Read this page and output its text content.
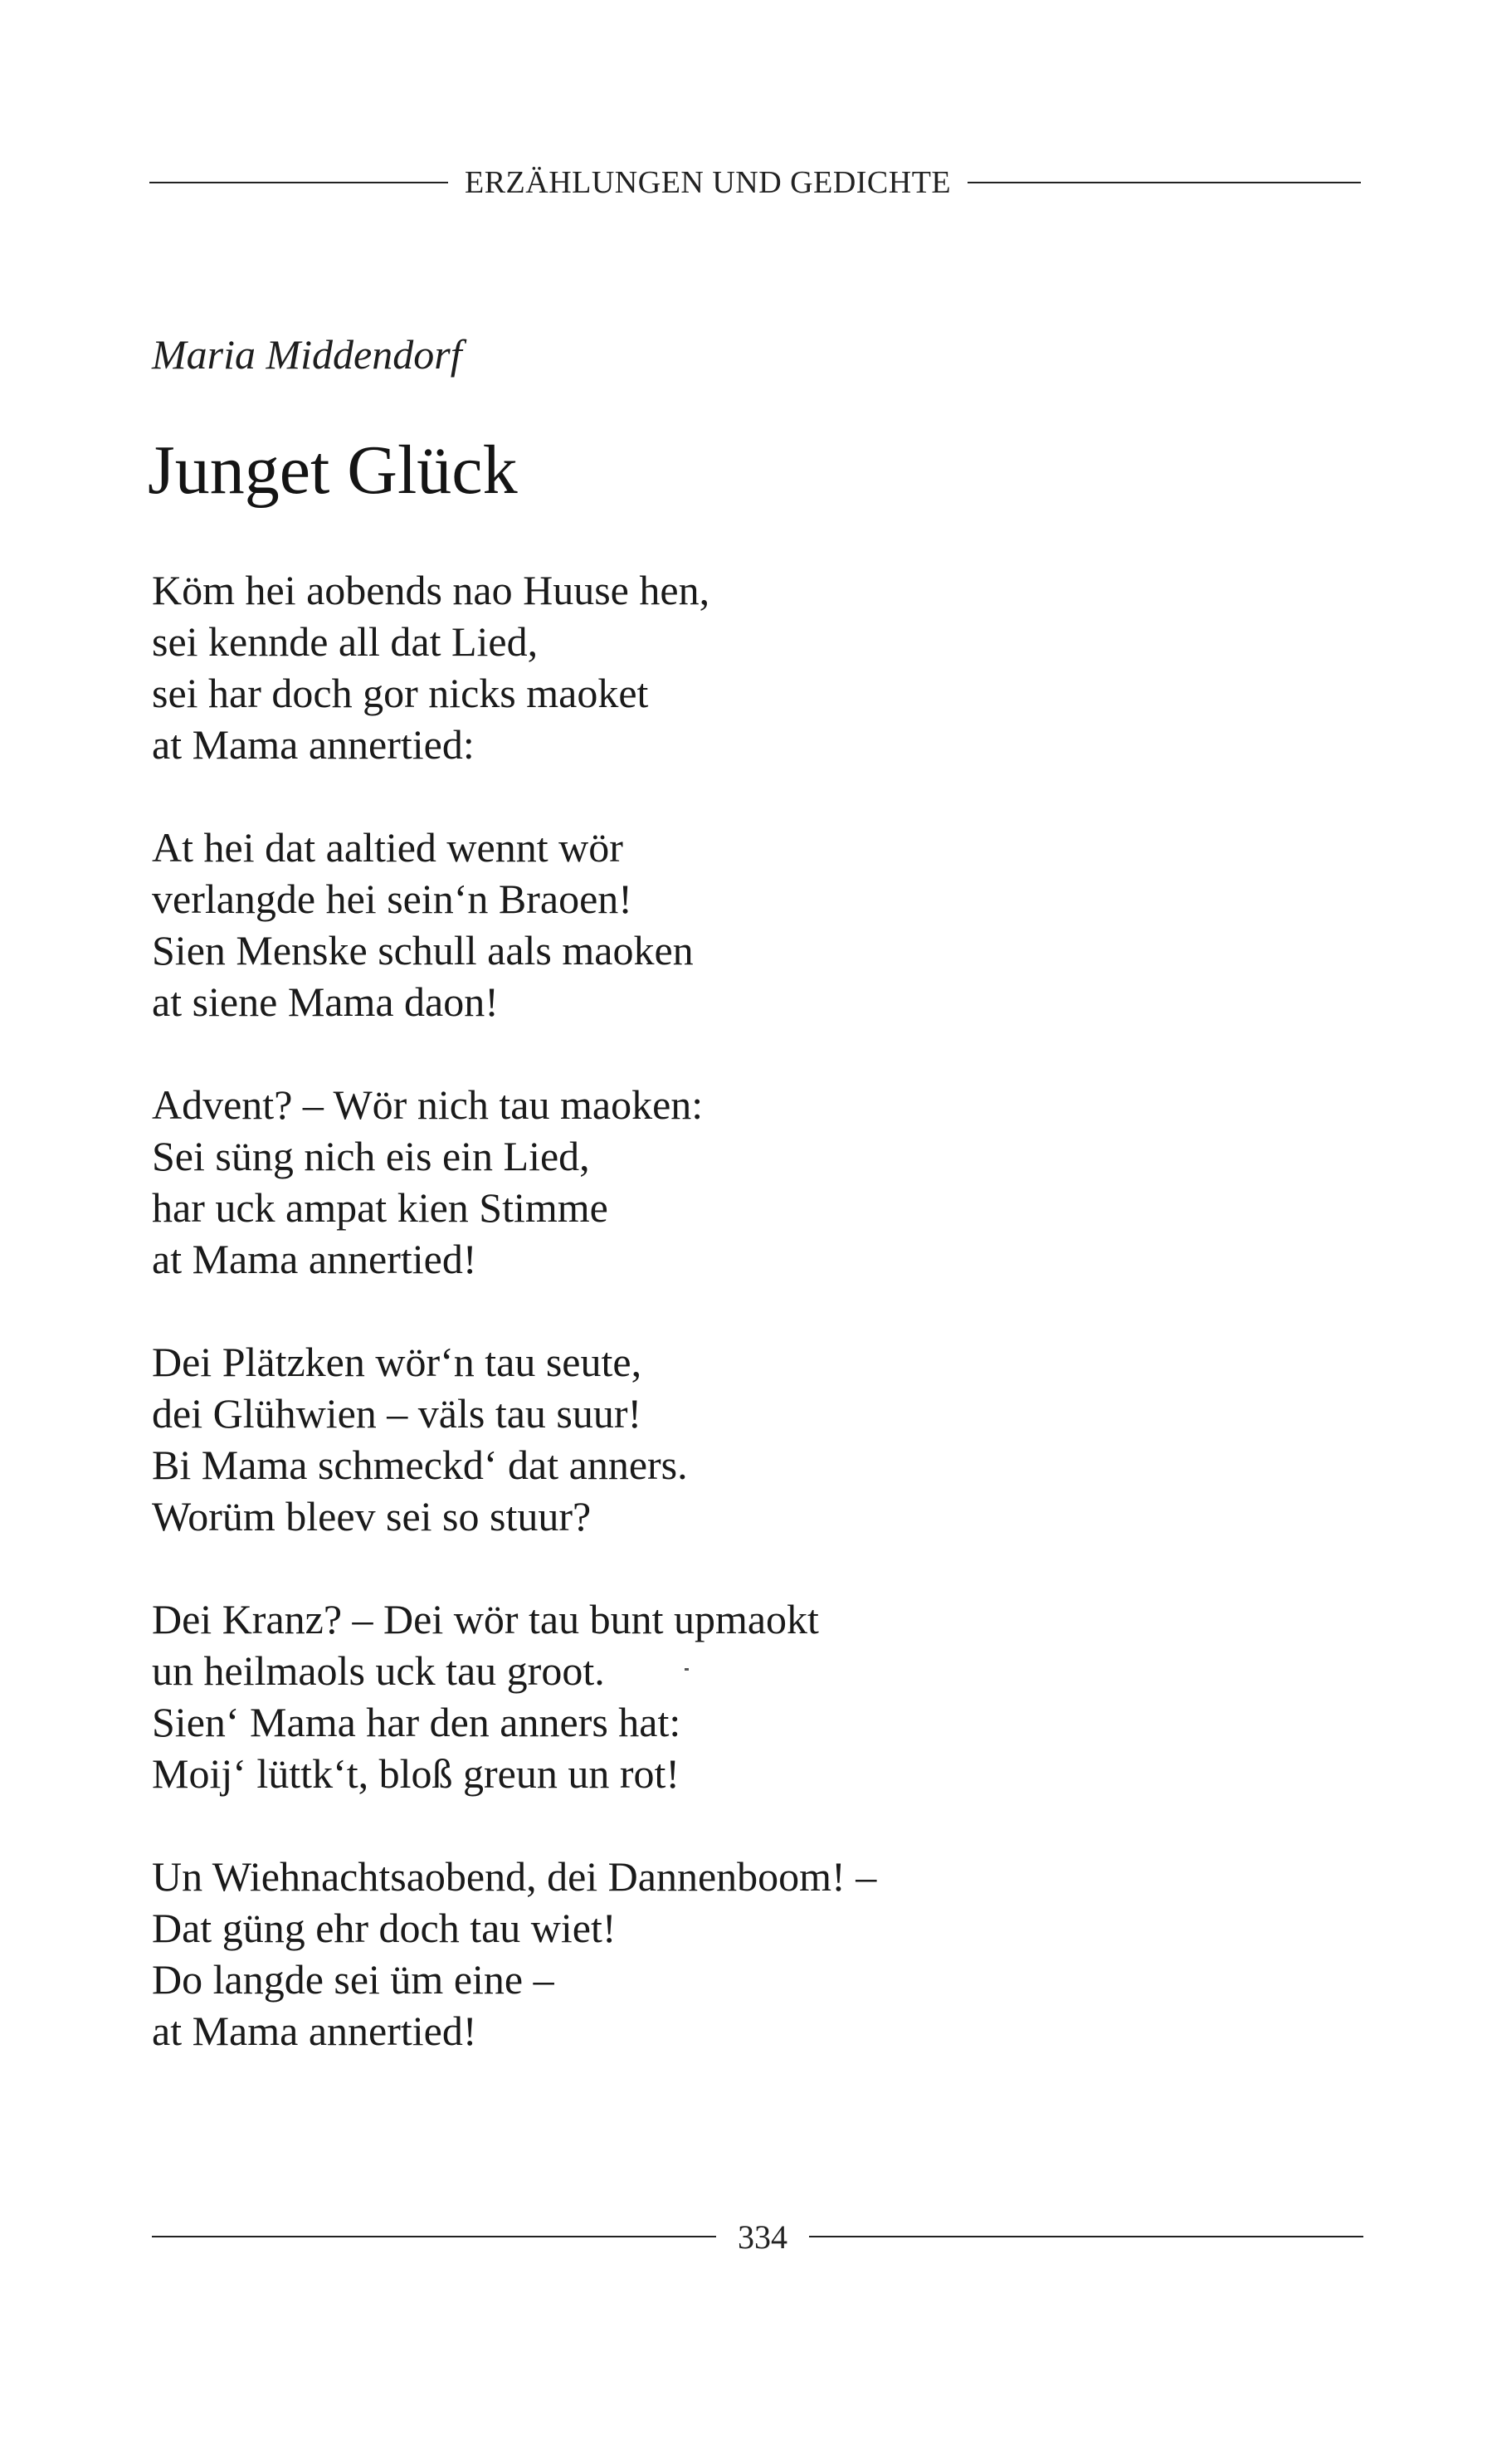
ERZÄHLUNGEN UND GEDICHTE
Maria Middendorf
Junget Glück
Köm hei aobends nao Huuse hen,
sei kennde all dat Lied,
sei har doch gor nicks maoket
at Mama annertied:
At hei dat aaltied wennt wör
verlangde hei sein‘n Braoen!
Sien Menske schull aals maoken
at siene Mama daon!
Advent? – Wör nich tau maoken:
Sei süng nich eis ein Lied,
har uck ampat kien Stimme
at Mama annertied!
Dei Plätzken wör‘n tau seute,
dei Glühwien – väls tau suur!
Bi Mama schmeckd‘ dat anners.
Worüm bleev sei so stuur?
Dei Kranz? – Dei wör tau bunt upmaokt
un heilmaols uck tau groot.
Sien‘ Mama har den anners hat:
Moij‘ lüttk‘t, bloß greun un rot!
Un Wiehnachtsaobend, dei Dannenboom! –
Dat güng ehr doch tau wiet!
Do langde sei üm eine –
at Mama annertied!
334
